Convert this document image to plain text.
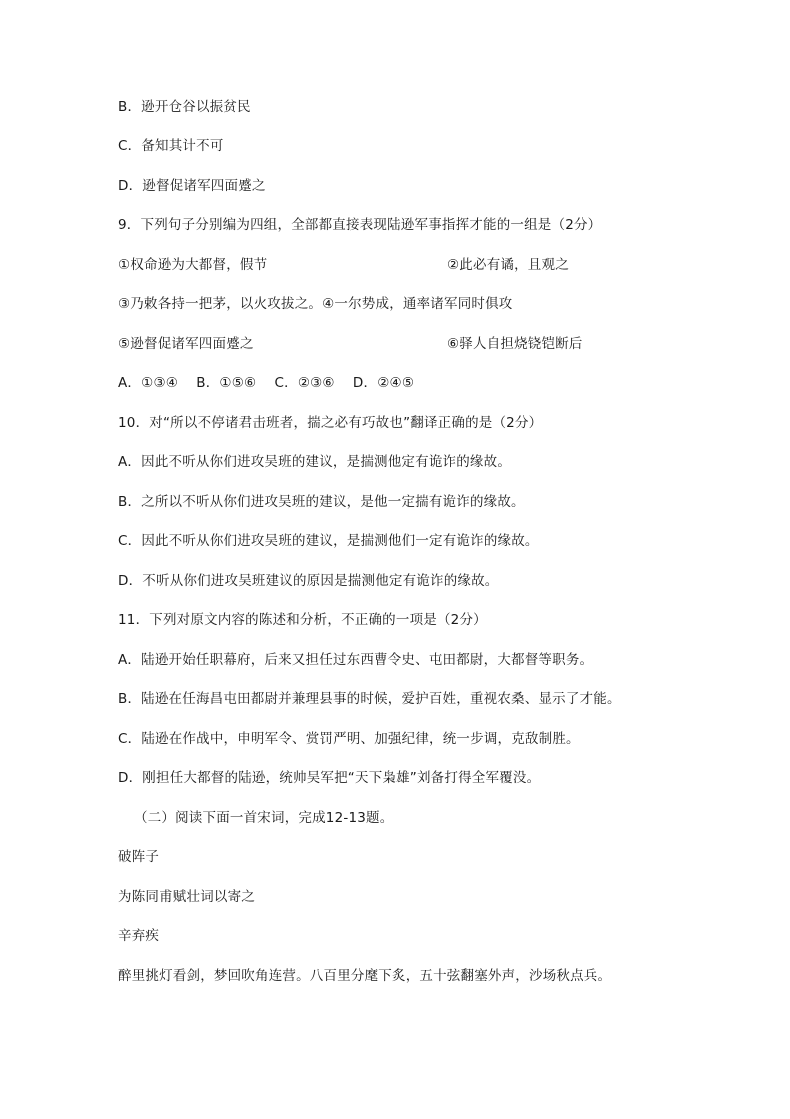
B．逊开仓谷以振贫民
C．备知其计不可
D．逊督促诸军四面蹙之
9．下列句子分别编为四组，全部都直接表现陆逊军事指挥才能的一组是（2分）
①权命逊为大都督，假节	②此必有谲，且观之
③乃敕各持一把茅，以火攻拔之。④一尔势成，通率诸军同时俱攻
⑤逊督促诸军四面蹙之	⑥驿人自担烧铙铠断后
A．①③④　 B．①⑤⑥　 C．②③⑥　 D．②④⑤
10．对“所以不停诸君击班者，揣之必有巧故也”翻译正确的是（2分）
A．因此不听从你们进攻吴班的建议，是揣测他定有诡诈的缘故。
B．之所以不听从你们进攻吴班的建议，是他一定揣有诡诈的缘故。
C．因此不听从你们进攻吴班的建议，是揣测他们一定有诡诈的缘故。
D．不听从你们进攻吴班建议的原因是揣测他定有诡诈的缘故。
11．下列对原文内容的陈述和分析，不正确的一项是（2分）
A．陆逊开始任职幕府，后来又担任过东西曹令史、屯田都尉，大都督等职务。
B．陆逊在任海昌屯田都尉并兼理县事的时候，爱护百姓，重视农桑、显示了才能。
C．陆逊在作战中，申明军令、赏罚严明、加强纪律，统一步调，克敌制胜。
D．刚担任大都督的陆逊，统帅吴军把“天下枭雄”刘备打得全军覆没。
（二）阅读下面一首宋词，完成12-13题。
破阵子
为陈同甫赋壮词以寄之
辛弃疾
醉里挑灯看剑，梦回吹角连营。八百里分麾下炙，五十弦翻塞外声，沙场秋点兵。
